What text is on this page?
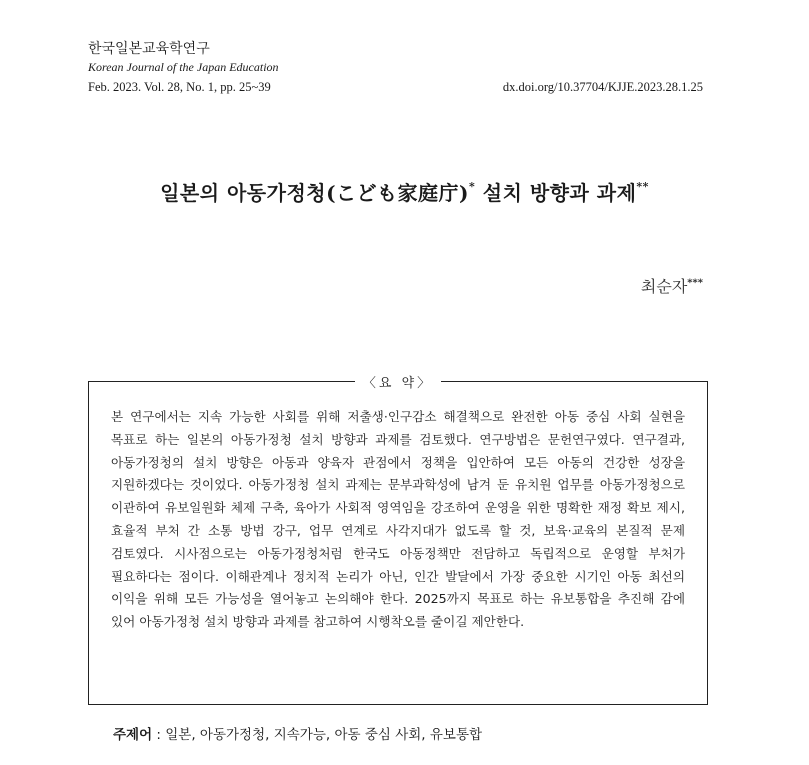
한국일본교육학연구
Korean Journal of the Japan Education
Feb. 2023. Vol. 28, No. 1, pp. 25~39	dx.doi.org/10.37704/KJJE.2023.28.1.25
일본의 아동가정청(こども家庭庁)* 설치 방향과 과제**
최순자***
〈요 약〉
본 연구에서는 지속 가능한 사회를 위해 저출생·인구감소 해결책으로 완전한 아동 중심 사회 실현을 목표로 하는 일본의 아동가정청 설치 방향과 과제를 검토했다. 연구방법은 문헌연구였다. 연구결과, 아동가정청의 설치 방향은 아동과 양육자 관점에서 정책을 입안하여 모든 아동의 건강한 성장을 지원하겠다는 것이었다. 아동가정청 설치 과제는 문부과학성에 남겨 둔 유치원 업무를 아동가정청으로 이관하여 유보일원화 체제 구축, 육아가 사회적 영역임을 강조하여 운영을 위한 명확한 재정 확보 제시, 효율적 부처 간 소통 방법 강구, 업무 연계로 사각지대가 없도록 할 것, 보육·교육의 본질적 문제 검토였다. 시사점으로는 아동가정청처럼 한국도 아동정책만 전담하고 독립적으로 운영할 부처가 필요하다는 점이다. 이해관계나 정치적 논리가 아닌, 인간 발달에서 가장 중요한 시기인 아동 최선의 이익을 위해 모든 가능성을 열어놓고 논의해야 한다. 2025까지 목표로 하는 유보통합을 추진해 감에 있어 아동가정청 설치 방향과 과제를 참고하여 시행착오를 줄이길 제안한다.
주제어 : 일본, 아동가정청, 지속가능, 아동 중심 사회, 유보통합
